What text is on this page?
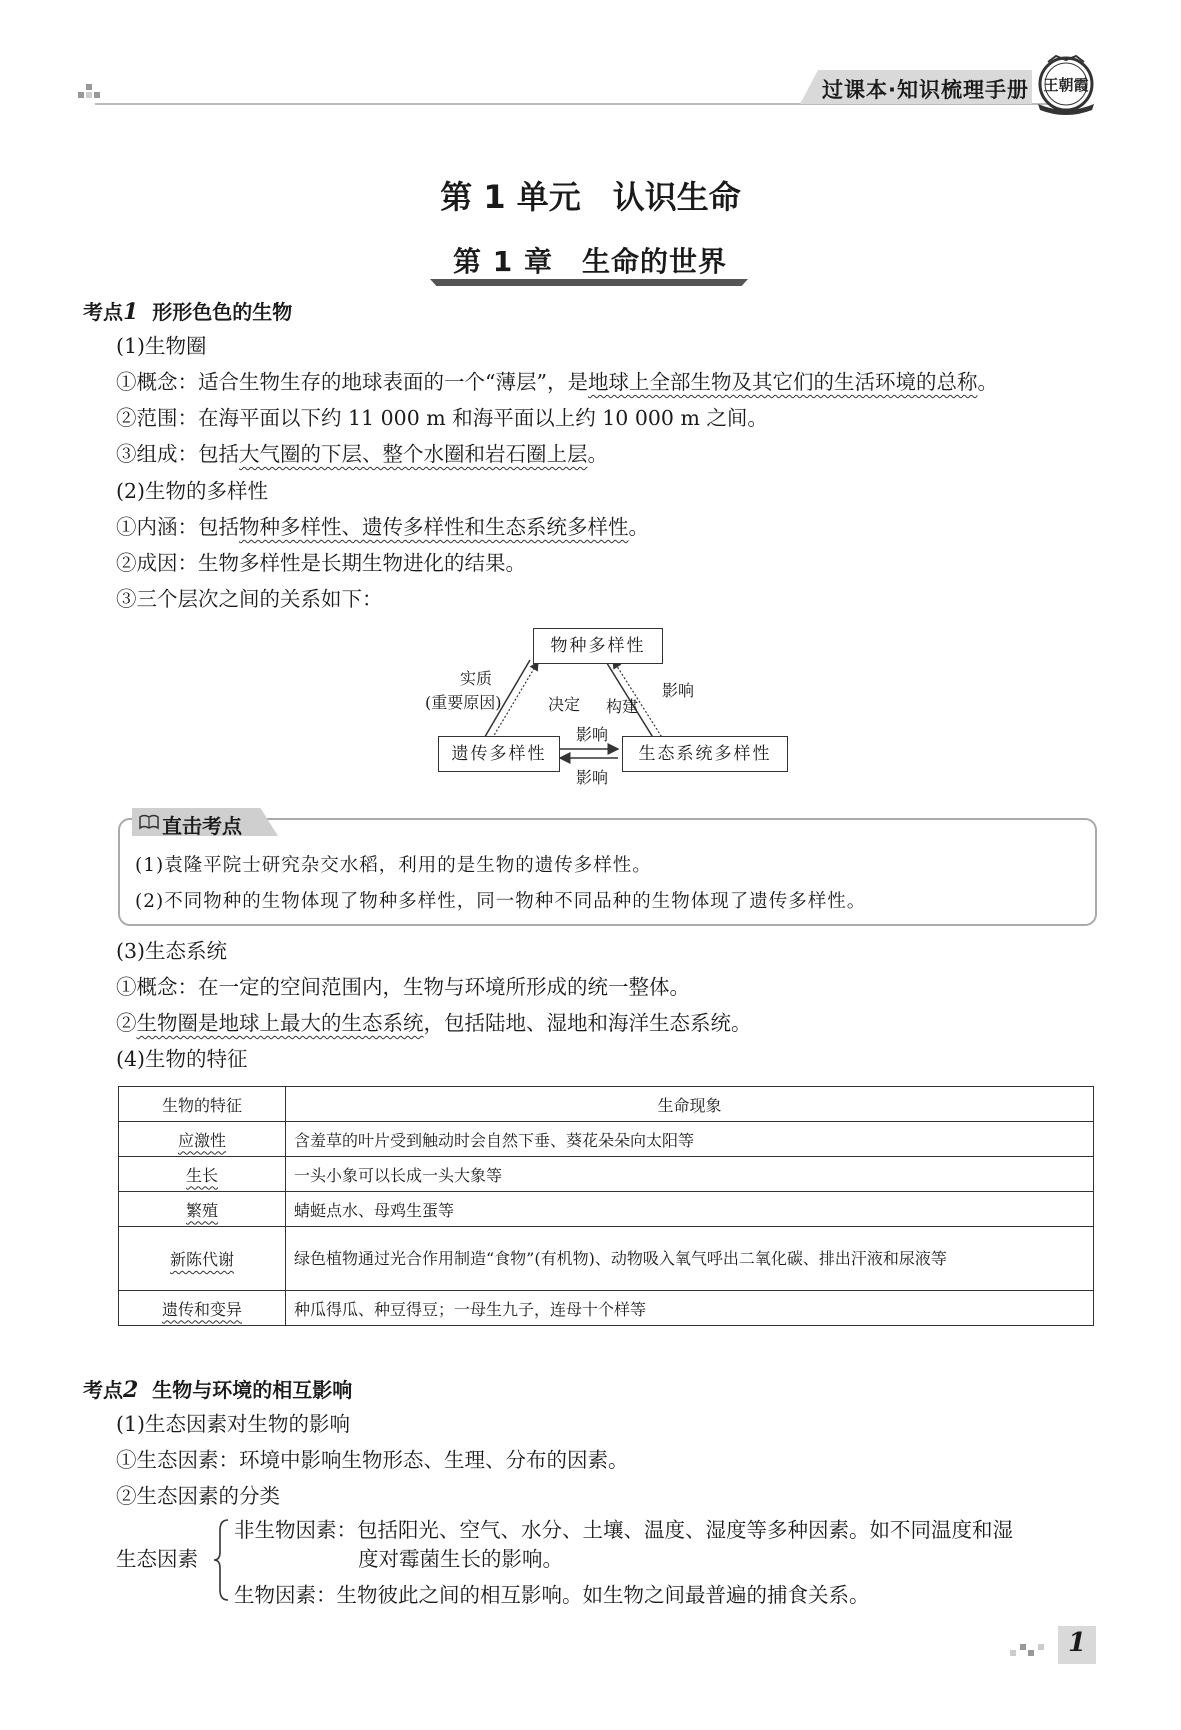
过课本·知识梳理手册 王朝霞
第 1 单元　认识生命
第 1 章　生命的世界
考点1 形形色色的生物
(1)生物圈
①概念：适合生物生存的地球表面的一个“薄层”，是地球上全部生物及其它们的生活环境的总称。
②范围：在海平面以下约 11 000 m 和海平面以上约 10 000 m 之间。
③组成：包括大气圈的下层、整个水圈和岩石圈上层。
(2)生物的多样性
①内涵：包括物种多样性、遗传多样性和生态系统多样性。
②成因：生物多样性是长期生物进化的结果。
③三个层次之间的关系如下：
物种多样性
遗传多样性	生态系统多样性
实质
(重要原因)	决定 构建
影响
影响
影响
直击考点
(1)袁隆平院士研究杂交水稻，利用的是生物的遗传多样性。
(2)不同物种的生物体现了物种多样性，同一物种不同品种的生物体现了遗传多样性。
(3)生态系统
①概念：在一定的空间范围内，生物与环境所形成的统一整体。
②生物圈是地球上最大的生态系统，包括陆地、湿地和海洋生态系统。
(4)生物的特征
生物的特征	生命现象
应激性	含羞草的叶片受到触动时会自然下垂、葵花朵朵向太阳等
生长	一头小象可以长成一头大象等
繁殖	蜻蜓点水、母鸡生蛋等
新陈代谢	绿色植物通过光合作用制造“食物”(有机物)、动物吸入氧气呼出二氧化碳、排出汗液和尿液等
遗传和变异	种瓜得瓜、种豆得豆；一母生九子，连母十个样等
考点2 生物与环境的相互影响
(1)生态因素对生物的影响
①生态因素：环境中影响生物形态、生理、分布的因素。
②生态因素的分类
生态因素
非生物因素：包括阳光、空气、水分、土壤、温度、湿度等多种因素。如不同温度和湿
度对霉菌生长的影响。
生物因素：生物彼此之间的相互影响。如生物之间最普遍的捕食关系。
1
